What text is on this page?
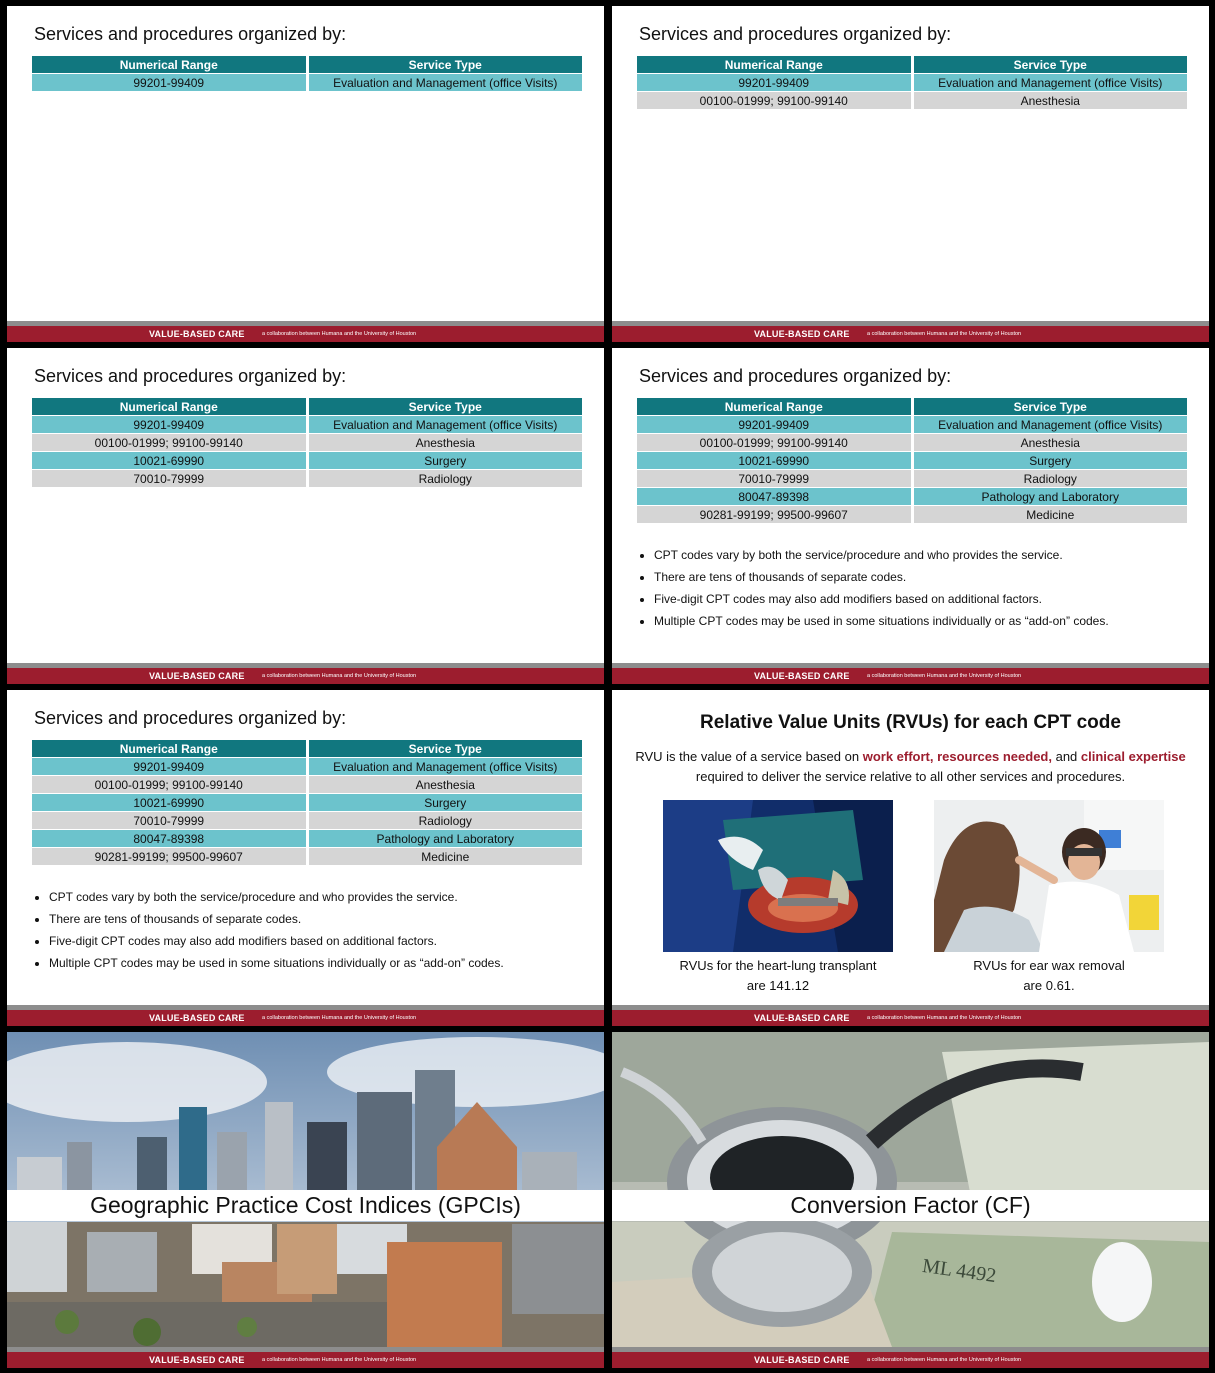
Services and procedures organized by:
Numerical Range	Service Type
99201-99409	Evaluation and Management (office Visits)
VALUE-BASED CARE	a collaboration between Humana and the University of Houston
Services and procedures organized by:
Numerical Range	Service Type
99201-99409	Evaluation and Management (office Visits)
00100-01999; 99100-99140	Anesthesia
VALUE-BASED CARE	a collaboration between Humana and the University of Houston
Services and procedures organized by:
Numerical Range	Service Type
99201-99409	Evaluation and Management (office Visits)
00100-01999; 99100-99140	Anesthesia
10021-69990	Surgery
70010-79999	Radiology
VALUE-BASED CARE	a collaboration between Humana and the University of Houston
Services and procedures organized by:
Numerical Range	Service Type
99201-99409	Evaluation and Management (office Visits)
00100-01999; 99100-99140	Anesthesia
10021-69990	Surgery
70010-79999	Radiology
80047-89398	Pathology and Laboratory
90281-99199; 99500-99607	Medicine
• CPT codes vary by both the service/procedure and who provides the service.
• There are tens of thousands of separate codes.
• Five-digit CPT codes may also add modifiers based on additional factors.
• Multiple CPT codes may be used in some situations individually or as “add-on” codes.
VALUE-BASED CARE	a collaboration between Humana and the University of Houston
Services and procedures organized by:
Numerical Range	Service Type
99201-99409	Evaluation and Management (office Visits)
00100-01999; 99100-99140	Anesthesia
10021-69990	Surgery
70010-79999	Radiology
80047-89398	Pathology and Laboratory
90281-99199; 99500-99607	Medicine
• CPT codes vary by both the service/procedure and who provides the service.
• There are tens of thousands of separate codes.
• Five-digit CPT codes may also add modifiers based on additional factors.
• Multiple CPT codes may be used in some situations individually or as “add-on” codes.
VALUE-BASED CARE	a collaboration between Humana and the University of Houston
Relative Value Units (RVUs) for each CPT code
RVU is the value of a service based on work effort, resources needed, and clinical expertise
required to deliver the service relative to all other services and procedures.
RVUs for the heart-lung transplant
are 141.12
RVUs for ear wax removal
are 0.61.
VALUE-BASED CARE	a collaboration between Humana and the University of Houston
Geographic Practice Cost Indices (GPCIs)
VALUE-BASED CARE	a collaboration between Humana and the University of Houston
ML 4492
Conversion Factor (CF)
VALUE-BASED CARE	a collaboration between Humana and the University of Houston
